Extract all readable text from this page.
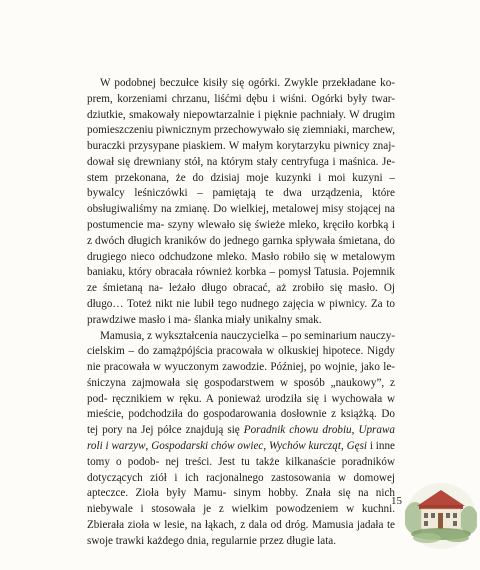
W podobnej beczułce kisiły się ogórki. Zwykle przekładane ko- prem, korzeniami chrzanu, liśćmi dębu i wiśni. Ogórki były twar- dziutkie, smakowały niepowtarzalnie i pięknie pachniały. W drugim pomieszczeniu piwnicznym przechowywało się ziemniaki, marchew, buraczki przysypane piaskiem. W małym korytarzyku piwnicy znaj- dował się drewniany stół, na którym stały centryfuga i maśnica. Je- stem przekonana, że do dzisiaj moje kuzynki i moi kuzyni – bywalcy leśniczówki – pamiętają te dwa urządzenia, które obsługiwaliśmy na zmianę. Do wielkiej, metalowej misy stojącej na postumencie ma- szyny wlewało się świeże mleko, kręciło korbką i z dwóch długich kraników do jednego garnka spływała śmietana, do drugiego nieco odchudzone mleko. Masło robiło się w metalowym baniaku, który obracała również korbka – pomysł Tatusia. Pojemnik ze śmietaną na- leżało długo obracać, aż zrobiło się masło. Oj długo… Toteż nikt nie lubił tego nudnego zajęcia w piwnicy. Za to prawdziwe masło i ma- ślanka miały unikalny smak.

Mamusia, z wykształcenia nauczycielka – po seminarium nauczy- cielskim – do zamążpójścia pracowała w olkuskiej hipotece. Nigdy nie pracowała w wyuczonym zawodzie. Później, po wojnie, jako le- śniczyna zajmowała się gospodarstwem w sposób „naukowy”, z pod- ręcznikiem w ręku. A ponieważ urodziła się i wychowała w mieście, podchodziła do gospodarowania dosłownie z książką. Do tej pory na Jej półce znajdują się Poradnik chowu drobiu, Uprawa roli i warzyw, Gospodarski chów owiec, Wychów kurcząt, Gęsi i inne tomy o podob- nej treści. Jest tu także kilkanaście poradników dotyczących ziół i ich racjonalnego zastosowania w domowej apteczce. Zioła były Mamu- sinym hobby. Znała się na nich niebywale i stosowała je z wielkim powodzeniem w kuchni. Zbierała zioła w lesie, na łąkach, z dala od dróg. Mamusia jadała te swoje trawki każdego dnia, regularnie przez długie lata.

15
